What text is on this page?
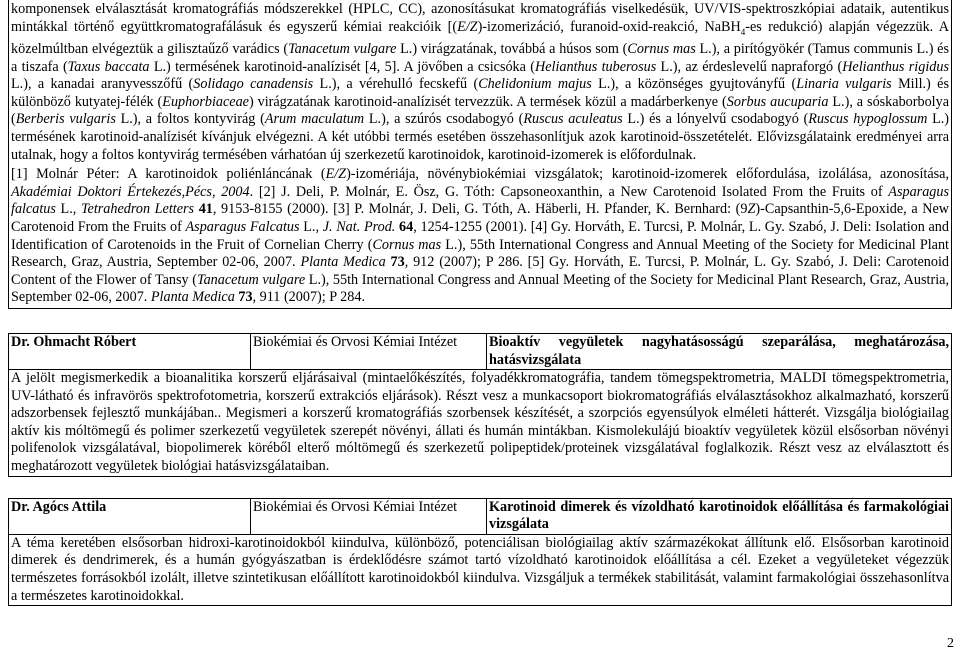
komponensek elválasztását kromatográfiás módszerekkel (HPLC, CC), azonosításukat kromatográfiás viselkedésük, UV/VIS-spektroszkópiai adataik, autentikus mintákkal történő együttkromatografálásuk és egyszerű kémiai reakcióik [(E/Z)-izomerizáció, furanoid-oxid-reakció, NaBH$_4$-es redukció) alapján végezzük. A közelmúltban elvégeztük a gilisztaűző varádics (Tanacetum vulgare L.) virágzatának, továbbá a húsos som (Cornus mas L.), a pirítógyökér (Tamus communis L.) és a tiszafa (Taxus baccata L.) termésének karotinoid-analízisét [4, 5]. A jövőben a csicsóka (Helianthus tuberosus L.), az érdeslevelű napraforgó (Helianthus rigidus L.), a kanadai aranyvesszőfű (Solidago canadensis L.), a vérehulló fecskefű (Chelidonium majus L.), a közönséges gyujtoványfű (Linaria vulgaris Mill.) és különböző kutyatej-félék (Euphorbiaceae) virágzatának karotinoid-analízisét tervezzük. A termések közül a madárberkenye (Sorbus aucuparia L.), a sóskaborbolya (Berberis vulgaris L.), a foltos kontyvirág (Arum maculatum L.), a szúrós csodabogyó (Ruscus aculeatus L.) és a lónyelvű csodabogyó (Ruscus hypoglossum L.) termésének karotinoid-analízisét kívánjuk elvégezni. A két utóbbi termés esetében összehasonlítjuk azok karotinoid-összetételét. Elővizsgálataink eredményei arra utalnak, hogy a foltos kontyvirág termésében várhatóan új szerkezetű karotinoidok, karotinoid-izomerek is előfordulnak.
[1] Molnár Péter: A karotinoidok poliénláncának (E/Z)-izomériája, növénybiokémiai vizsgálatok; karotinoid-izomerek előfordulása, izolálása, azonosítása, Akadémiai Doktori Értekezés,Pécs, 2004. [2] J. Deli, P. Molnár, E. Ösz, G. Tóth: Capsoneoxanthin, a New Carotenoid Isolated From the Fruits of Asparagus falcatus L., Tetrahedron Letters 41, 9153-8155 (2000). [3] P. Molnár, J. Deli, G. Tóth, A. Häberli, H. Pfander, K. Bernhard: (9Z)-Capsanthin-5,6-Epoxide, a New Carotenoid From the Fruits of Asparagus Falcatus L., J. Nat. Prod. 64, 1254-1255 (2001). [4] Gy. Horváth, E. Turcsi, P. Molnár, L. Gy. Szabó, J. Deli: Isolation and Identification of Carotenoids in the Fruit of Cornelian Cherry (Cornus mas L.), 55th International Congress and Annual Meeting of the Society for Medicinal Plant Research, Graz, Austria, September 02-06, 2007. Planta Medica 73, 912 (2007); P 286. [5] Gy. Horváth, E. Turcsi, P. Molnár, L. Gy. Szabó, J. Deli: Carotenoid Content of the Flower of Tansy (Tanacetum vulgare L.), 55th International Congress and Annual Meeting of the Society for Medicinal Plant Research, Graz, Austria, September 02-06, 2007. Planta Medica 73, 911 (2007); P 284.
Dr. Ohmacht Róbert	Biokémiai és Orvosi Kémiai Intézet	Bioaktív vegyületek nagyhatásosságú szeparálása, meghatározása, hatásvizsgálata
A jelölt megismerkedik a bioanalitika korszerű eljárásaival (mintaelőkészítés, folyadékkromatográfia, tandem tömegspektrometria, MALDI tömegspektrometria, UV-látható és infravörös spektrofotometria, korszerű extrakciós eljárások). Részt vesz a munkacsoport biokromatográfiás elválasztásokhoz alkalmazható, korszerű adszorbensek fejlesztő munkájában.. Megismeri a korszerű kromatográfiás szorbensek készítését, a szorpciós egyensúlyok elméleti hátterét. Vizsgálja biológiailag aktív kis móltömegű és polimer szerkezetű vegyületek szerepét növényi, állati és humán mintákban. Kismolekulájú bioaktív vegyületek közül elsősorban növényi polifenolok vizsgálatával, biopolimerek köréből elterő móltömegű és szerkezetű polipeptidek/proteinek vizsgálatával foglalkozik. Részt vesz az elválasztott és meghatározott vegyületek biológiai hatásvizsgálataiban.
Dr. Agócs Attila	Biokémiai és Orvosi Kémiai Intézet	Karotinoid dimerek és vízoldható karotinoidok előállítása és farmakológiai vizsgálata
A téma keretében elsősorban hidroxi-karotinoidokból kiindulva, különböző, potenciálisan biológiailag aktív származékokat állítunk elő. Elsősorban karotinoid dimerek és dendrimerek, és a humán gyógyászatban is érdeklődésre számot tartó vízoldható karotinoidok előállítása a cél. Ezeket a vegyületeket végezzük természetes forrásokból izolált, illetve szintetikusan előállított karotinoidokból kiindulva. Vizsgáljuk a termékek stabilitását, valamint farmakológiai összehasonlítva a természetes karotinoidokkal.
2
